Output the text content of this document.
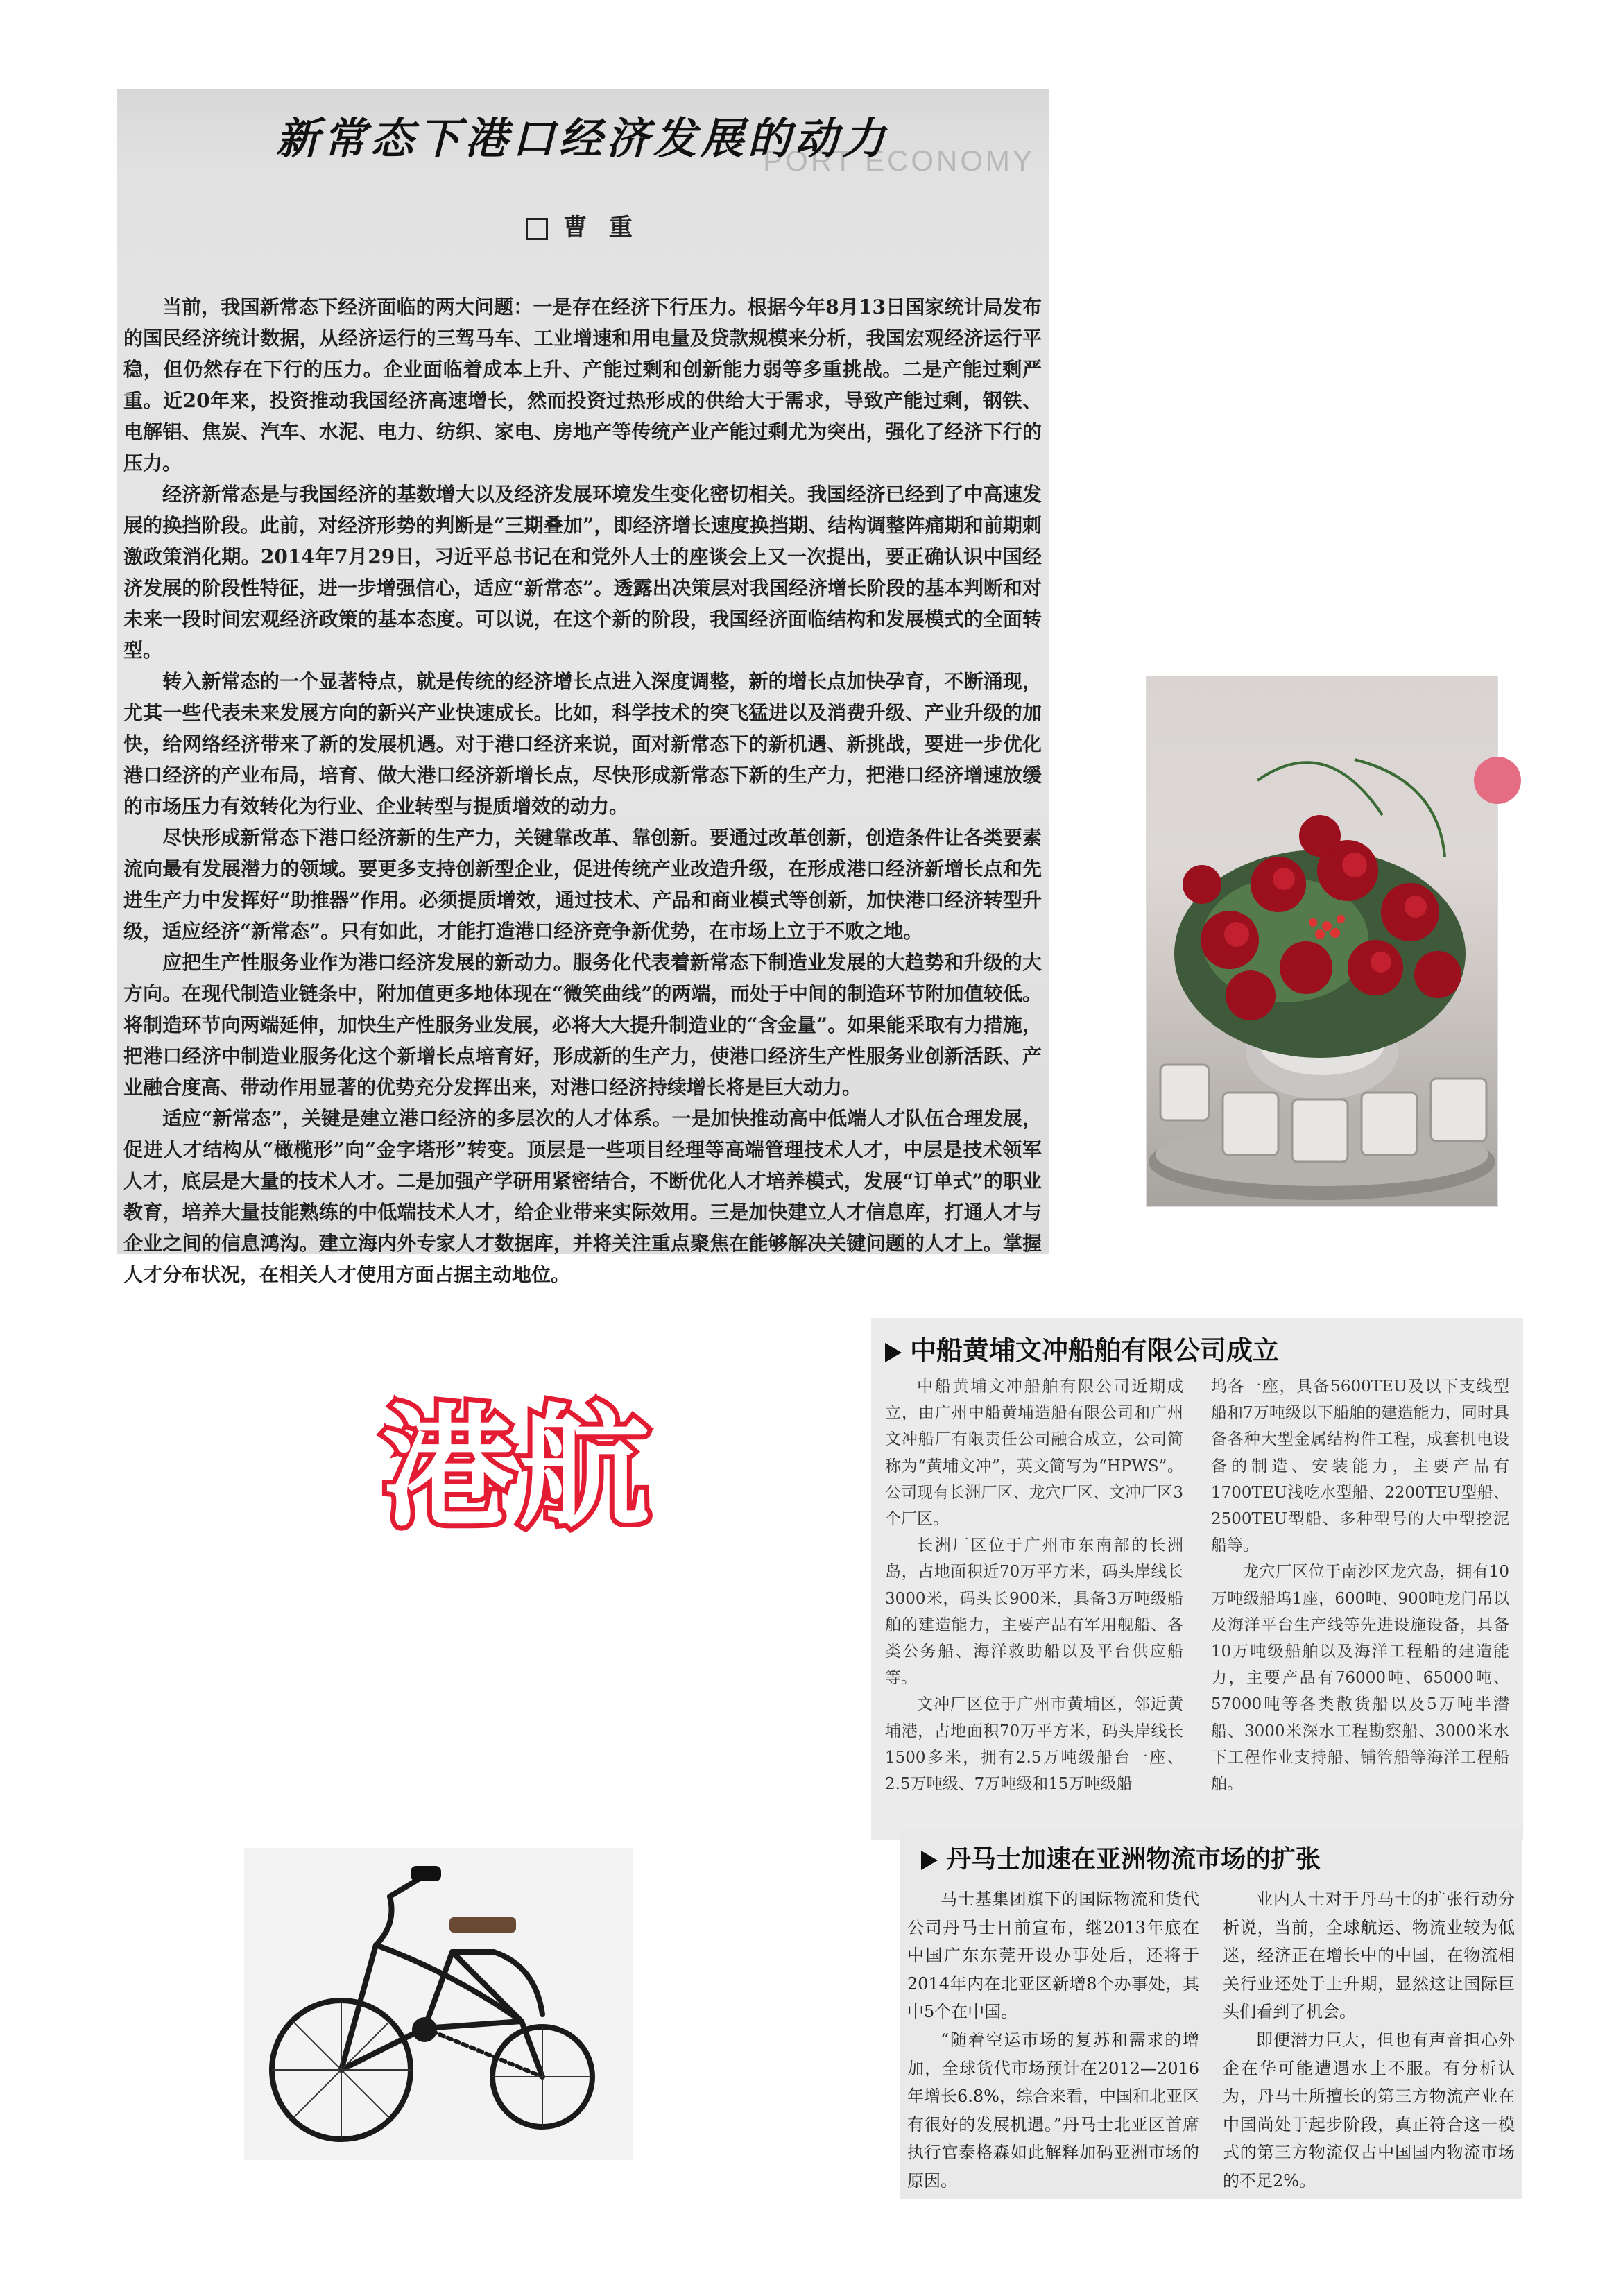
PORT ECONOMY
新常态下港口经济发展的动力
曹 重

当前，我国新常态下经济面临的两大问题：一是存在经济下行压力。根据今年8月13日国家统计局发布的国民经济统计数据，从经济运行的三驾马车、工业增速和用电量及贷款规模来分析，我国宏观经济运行平稳，但仍然存在下行的压力。企业面临着成本上升、产能过剩和创新能力弱等多重挑战。二是产能过剩严重。近20年来，投资推动我国经济高速增长，然而投资过热形成的供给大于需求，导致产能过剩，钢铁、电解铝、焦炭、汽车、水泥、电力、纺织、家电、房地产等传统产业产能过剩尤为突出，强化了经济下行的压力。

经济新常态是与我国经济的基数增大以及经济发展环境发生变化密切相关。我国经济已经到了中高速发展的换挡阶段。此前，对经济形势的判断是“三期叠加”，即经济增长速度换挡期、结构调整阵痛期和前期刺激政策消化期。2014年7月29日，习近平总书记在和党外人士的座谈会上又一次提出，要正确认识中国经济发展的阶段性特征，进一步增强信心，适应“新常态”。透露出决策层对我国经济增长阶段的基本判断和对未来一段时间宏观经济政策的基本态度。可以说，在这个新的阶段，我国经济面临结构和发展模式的全面转型。

转入新常态的一个显著特点，就是传统的经济增长点进入深度调整，新的增长点加快孕育，不断涌现，尤其一些代表未来发展方向的新兴产业快速成长。比如，科学技术的突飞猛进以及消费升级、产业升级的加快，给网络经济带来了新的发展机遇。对于港口经济来说，面对新常态下的新机遇、新挑战，要进一步优化港口经济的产业布局，培育、做大港口经济新增长点，尽快形成新常态下新的生产力，把港口经济增速放缓的市场压力有效转化为行业、企业转型与提质增效的动力。

尽快形成新常态下港口经济新的生产力，关键靠改革、靠创新。要通过改革创新，创造条件让各类要素流向最有发展潜力的领域。要更多支持创新型企业，促进传统产业改造升级，在形成港口经济新增长点和先进生产力中发挥好“助推器”作用。必须提质增效，通过技术、产品和商业模式等创新，加快港口经济转型升级，适应经济“新常态”。只有如此，才能打造港口经济竞争新优势，在市场上立于不败之地。

应把生产性服务业作为港口经济发展的新动力。服务化代表着新常态下制造业发展的大趋势和升级的大方向。在现代制造业链条中，附加值更多地体现在“微笑曲线”的两端，而处于中间的制造环节附加值较低。将制造环节向两端延伸，加快生产性服务业发展，必将大大提升制造业的“含金量”。如果能采取有力措施，把港口经济中制造业服务化这个新增长点培育好，形成新的生产力，使港口经济生产性服务业创新活跃、产业融合度高、带动作用显著的优势充分发挥出来，对港口经济持续增长将是巨大动力。

适应“新常态”，关键是建立港口经济的多层次的人才体系。一是加快推动高中低端人才队伍合理发展，促进人才结构从“橄榄形”向“金字塔形”转变。顶层是一些项目经理等高端管理技术人才，中层是技术领军人才，底层是大量的技术人才。二是加强产学研用紧密结合，不断优化人才培养模式，发展“订单式”的职业教育，培养大量技能熟练的中低端技术人才，给企业带来实际效用。三是加快建立人才信息库，打通人才与企业之间的信息鸿沟。建立海内外专家人才数据库，并将关注重点聚焦在能够解决关键问题的人才上。掌握人才分布状况，在相关人才使用方面占据主动地位。

港航
中船黄埔文冲船舶有限公司成立

中船黄埔文冲船舶有限公司近期成立，由广州中船黄埔造船有限公司和广州文冲船厂有限责任公司融合成立，公司简称为“黄埔文冲”，英文简写为“HPWS”。公司现有长洲厂区、龙穴厂区、文冲厂区3个厂区。

长洲厂区位于广州市东南部的长洲岛，占地面积近70万平方米，码头岸线长3000米，码头长900米，具备3万吨级船舶的建造能力，主要产品有军用舰船、各类公务船、海洋救助船以及平台供应船等。

文冲厂区位于广州市黄埔区，邻近黄埔港，占地面积70万平方米，码头岸线长1500多米，拥有2.5万吨级船台一座、2.5万吨级、7万吨级和15万吨级船

坞各一座，具备5600TEU及以下支线型船和7万吨级以下船舶的建造能力，同时具备各种大型金属结构件工程，成套机电设备的制造、安装能力，主要产品有1700TEU浅吃水型船、2200TEU型船、2500TEU型船、多种型号的大中型挖泥船等。

龙穴厂区位于南沙区龙穴岛，拥有10万吨级船坞1座，600吨、900吨龙门吊以及海洋平台生产线等先进设施设备，具备10万吨级船舶以及海洋工程船的建造能力，主要产品有76000吨、65000吨、57000吨等各类散货船以及5万吨半潜船、3000米深水工程勘察船、3000米水下工程作业支持船、铺管船等海洋工程船舶。

丹马士加速在亚洲物流市场的扩张

马士基集团旗下的国际物流和货代公司丹马士日前宣布，继2013年底在中国广东东莞开设办事处后，还将于2014年内在北亚区新增8个办事处，其中5个在中国。

“随着空运市场的复苏和需求的增加，全球货代市场预计在2012—2016年增长6.8%，综合来看，中国和北亚区有很好的发展机遇。”丹马士北亚区首席执行官泰格森如此解释加码亚洲市场的原因。

业内人士对于丹马士的扩张行动分析说，当前，全球航运、物流业较为低迷，经济正在增长中的中国，在物流相关行业还处于上升期，显然这让国际巨头们看到了机会。

即便潜力巨大，但也有声音担心外企在华可能遭遇水土不服。有分析认为，丹马士所擅长的第三方物流产业在中国尚处于起步阶段，真正符合这一模式的第三方物流仅占中国国内物流市场的不足2%。
